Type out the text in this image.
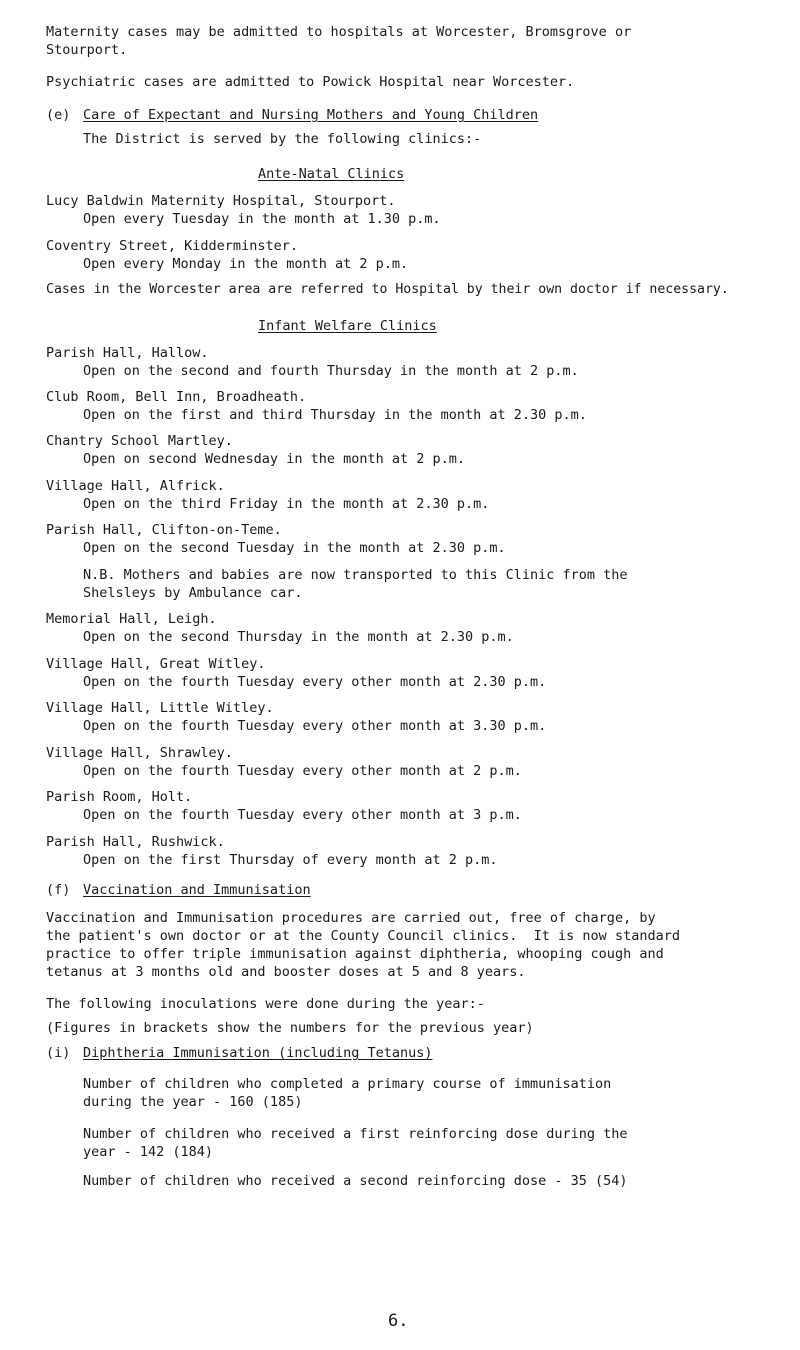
Maternity cases may be admitted to hospitals at Worcester, Bromsgrove or
Stourport.
Psychiatric cases are admitted to Powick Hospital near Worcester.
(e) Care of Expectant and Nursing Mothers and Young Children
The District is served by the following clinics:-
Ante-Natal Clinics
Lucy Baldwin Maternity Hospital, Stourport.
Open every Tuesday in the month at 1.30 p.m.
Coventry Street, Kidderminster.
Open every Monday in the month at 2 p.m.
Cases in the Worcester area are referred to Hospital by their own doctor if necessary.
Infant Welfare Clinics
Parish Hall, Hallow.
Open on the second and fourth Thursday in the month at 2 p.m.
Club Room, Bell Inn, Broadheath.
Open on the first and third Thursday in the month at 2.30 p.m.
Chantry School Martley.
Open on second Wednesday in the month at 2 p.m.
Village Hall, Alfrick.
Open on the third Friday in the month at 2.30 p.m.
Parish Hall, Clifton-on-Teme.
Open on the second Tuesday in the month at 2.30 p.m.
N.B. Mothers and babies are now transported to this Clinic from the
Shelsleys by Ambulance car.
Memorial Hall, Leigh.
Open on the second Thursday in the month at 2.30 p.m.
Village Hall, Great Witley.
Open on the fourth Tuesday every other month at 2.30 p.m.
Village Hall, Little Witley.
Open on the fourth Tuesday every other month at 3.30 p.m.
Village Hall, Shrawley.
Open on the fourth Tuesday every other month at 2 p.m.
Parish Room, Holt.
Open on the fourth Tuesday every other month at 3 p.m.
Parish Hall, Rushwick.
Open on the first Thursday of every month at 2 p.m.
(f) Vaccination and Immunisation
Vaccination and Immunisation procedures are carried out, free of charge, by
the patient's own doctor or at the County Council clinics.  It is now standard
practice to offer triple immunisation against diphtheria, whooping cough and
tetanus at 3 months old and booster doses at 5 and 8 years.
The following inoculations were done during the year:-
(Figures in brackets show the numbers for the previous year)
(i) Diphtheria Immunisation (including Tetanus)
Number of children who completed a primary course of immunisation
during the year - 160 (185)
Number of children who received a first reinforcing dose during the
year - 142 (184)
Number of children who received a second reinforcing dose - 35 (54)
6.
